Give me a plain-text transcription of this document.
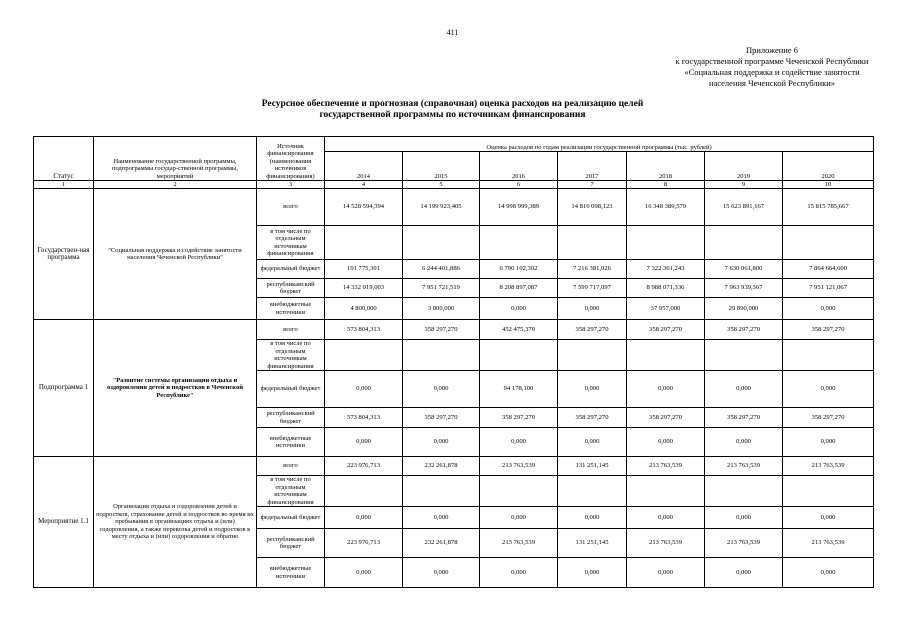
411
Приложение 6
к государственной программе Чеченской Республики
«Социальная поддержка и содействие занятости
населения Чеченской Республики»
Ресурсное обеспечение и прогнозная (справочная) оценка расходов на реализацию целей
государственной программы по источникам финансирования
Статус	Наименование государственной программы, подпрограммы государ-ственной программы, мероприятий	Источник финансирования (наименования источников финансирования)	Оценка расходов по годам реализации государственной программы (тыс. рублей)						
			2014	2015	2016	2017	2018	2019	2020
1	2	3	4	5	6	7	8	9	10
Государствен-ная программа	"Социальная поддержка и содействие занятости населения Чеченской Республики"	всего	14 528 594,394	14 199 923,405	14 998 999,389	14 816 098,123	16 348 389,579	15 623 891,167	15 815 785,667
		в том числе по отдельным источникам финансирования							
		федеральный бюджет	191 775,391	6 244 401,886	6 790 102,302	7 216 381,026	7 322 361,243	7 630 061,800	7 864 664,600
		республиканский бюджет	14 332 019,003	7 951 721,519	8 208 897,087	7 599 717,097	8 988 071,336	7 963 939,367	7 951 121,067
		внебюджетные источники	4 800,000	3 800,000	0,000	0,000	37 957,000	29 890,000	0,000
Подпрограмма 1	"Развитие системы организации отдыха и оздоровления детей и подростков в Чеченской Республике"	всего	573 804,313	358 297,270	452 475,370	358 297,270	358 297,270	358 297,270	358 297,270
		в том числе по отдельным источникам финансирования							
		федеральный бюджет	0,000	0,000	94 178,100	0,000	0,000	0,000	0,000
		республиканский бюджет	573 804,313	358 297,270	358 297,270	358 297,270	358 297,270	358 297,270	358 297,270
		внебюджетные источники	0,000	0,000	0,000	0,000	0,000	0,000	0,000
Мероприятие 1.1	Организация отдыха и оздоровления детей и подростков, страхование детей и подростков во время их пребывания в организациях отдыха и (или) оздоровления, а также перевозка детей и подростков к месту отдыха и (или) оздоровления и обратно	всего	223 976,713	232 261,878	213 763,539	131 251,145	213 763,539	213 763,539	213 763,539
		в том числе по отдельным источникам финансирования							
		федеральный бюджет	0,000	0,000	0,000	0,000	0,000	0,000	0,000
		республиканский бюджет	223 976,713	232 261,878	213 763,539	131 251,145	213 763,539	213 763,539	213 763,539
		внебюджетные источники	0,000	0,000	0,000	0,000	0,000	0,000	0,000
